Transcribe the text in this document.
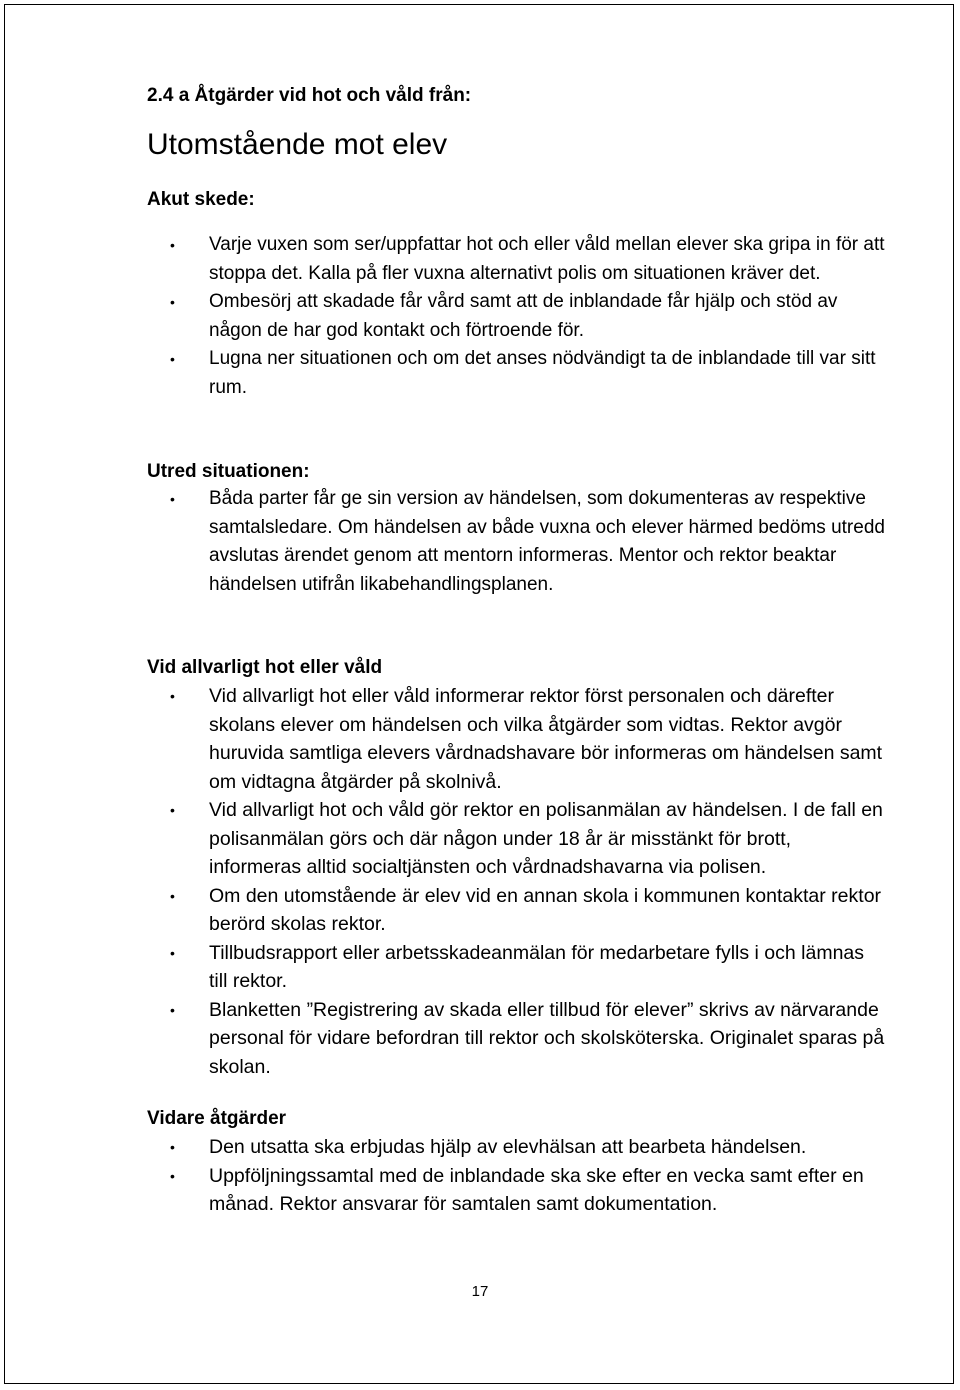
2.4 a Åtgärder vid hot och våld från:
Utomstående mot elev
Akut skede:
• Varje vuxen som ser/uppfattar hot och eller våld mellan elever ska gripa in för att stoppa det. Kalla på fler vuxna alternativt polis om situationen kräver det.
• Ombesörj att skadade får vård samt att de inblandade får hjälp och stöd av någon de har god kontakt och förtroende för.
• Lugna ner situationen och om det anses nödvändigt ta de inblandade till var sitt rum.
Utred situationen:
• Båda parter får ge sin version av händelsen, som dokumenteras av respektive samtalsledare. Om händelsen av både vuxna och elever härmed bedöms utredd avslutas ärendet genom att mentorn informeras. Mentor och rektor beaktar händelsen utifrån likabehandlingsplanen.
Vid allvarligt hot eller våld
• Vid allvarligt hot eller våld informerar rektor först personalen och därefter skolans elever om händelsen och vilka åtgärder som vidtas. Rektor avgör huruvida samtliga elevers vårdnadshavare bör informeras om händelsen samt om vidtagna åtgärder på skolnivå.
• Vid allvarligt hot och våld gör rektor en polisanmälan av händelsen. I de fall en polisanmälan görs och där någon under 18 år är misstänkt för brott, informeras alltid socialtjänsten och vårdnadshavarna via polisen.
• Om den utomstående är elev vid en annan skola i kommunen kontaktar rektor berörd skolas rektor.
• Tillbudsrapport eller arbetsskadeanmälan för medarbetare fylls i och lämnas till rektor.
• Blanketten ”Registrering av skada eller tillbud för elever” skrivs av närvarande personal för vidare befordran till rektor och skolsköterska. Originalet sparas på skolan.
Vidare åtgärder
• Den utsatta ska erbjudas hjälp av elevhälsan att bearbeta händelsen.
• Uppföljningssamtal med de inblandade ska ske efter en vecka samt efter en månad. Rektor ansvarar för samtalen samt dokumentation.
17
